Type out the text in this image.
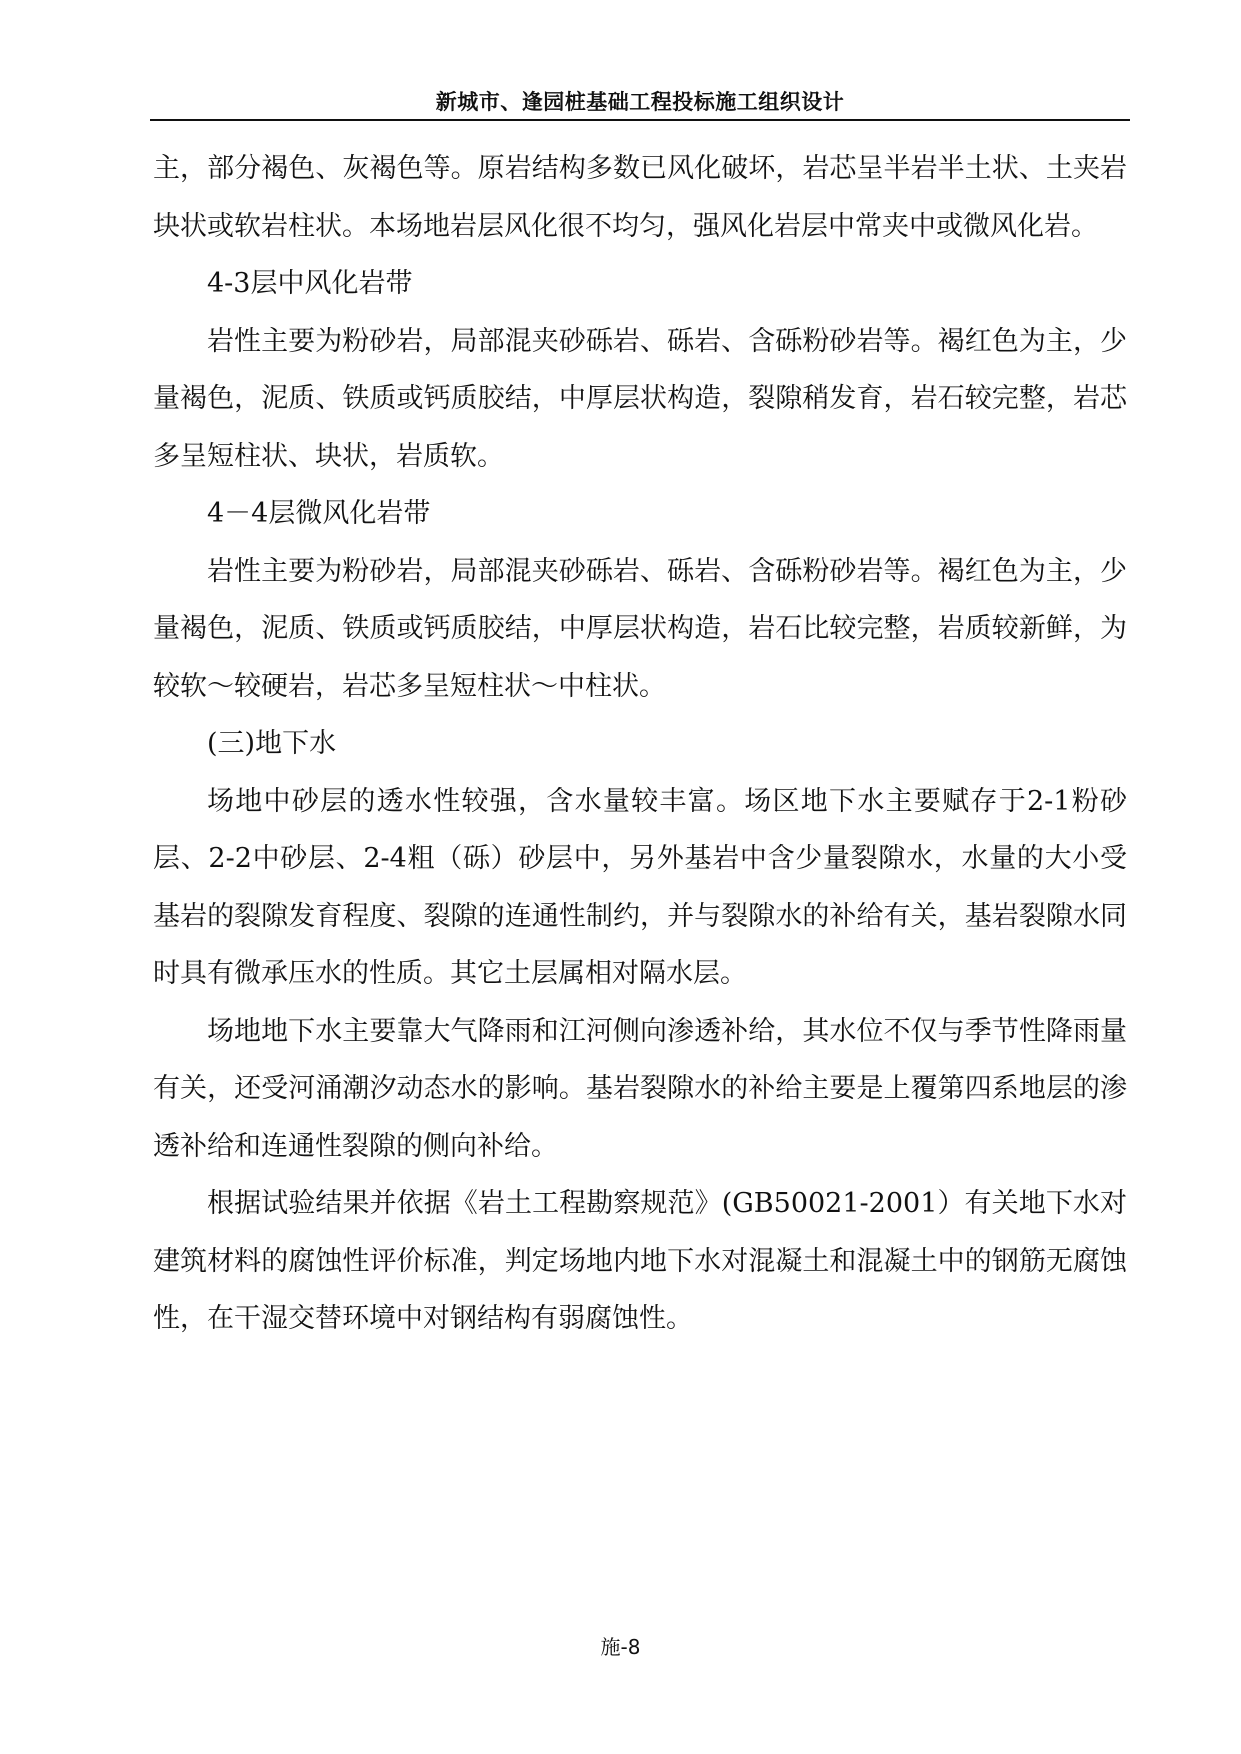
新城市、逢园桩基础工程投标施工组织设计

主，部分褐色、灰褐色等。原岩结构多数已风化破坏，岩芯呈半岩半土状、土夹岩块状或软岩柱状。本场地岩层风化很不均匀，强风化岩层中常夹中或微风化岩。

4-3层中风化岩带

岩性主要为粉砂岩，局部混夹砂砾岩、砾岩、含砾粉砂岩等。褐红色为主，少量褐色，泥质、铁质或钙质胶结，中厚层状构造，裂隙稍发育，岩石较完整，岩芯多呈短柱状、块状，岩质软。

4－4层微风化岩带

岩性主要为粉砂岩，局部混夹砂砾岩、砾岩、含砾粉砂岩等。褐红色为主，少量褐色，泥质、铁质或钙质胶结，中厚层状构造，岩石比较完整，岩质较新鲜，为较软～较硬岩，岩芯多呈短柱状～中柱状。

(三)地下水

场地中砂层的透水性较强，含水量较丰富。场区地下水主要赋存于2-1粉砂层、2-2中砂层、2-4粗（砾）砂层中，另外基岩中含少量裂隙水，水量的大小受基岩的裂隙发育程度、裂隙的连通性制约，并与裂隙水的补给有关，基岩裂隙水同时具有微承压水的性质。其它土层属相对隔水层。

场地地下水主要靠大气降雨和江河侧向渗透补给，其水位不仅与季节性降雨量有关，还受河涌潮汐动态水的影响。基岩裂隙水的补给主要是上覆第四系地层的渗透补给和连通性裂隙的侧向补给。

根据试验结果并依据《岩土工程勘察规范》(GB50021-2001）有关地下水对建筑材料的腐蚀性评价标准，判定场地内地下水对混凝土和混凝土中的钢筋无腐蚀性，在干湿交替环境中对钢结构有弱腐蚀性。

施-8
